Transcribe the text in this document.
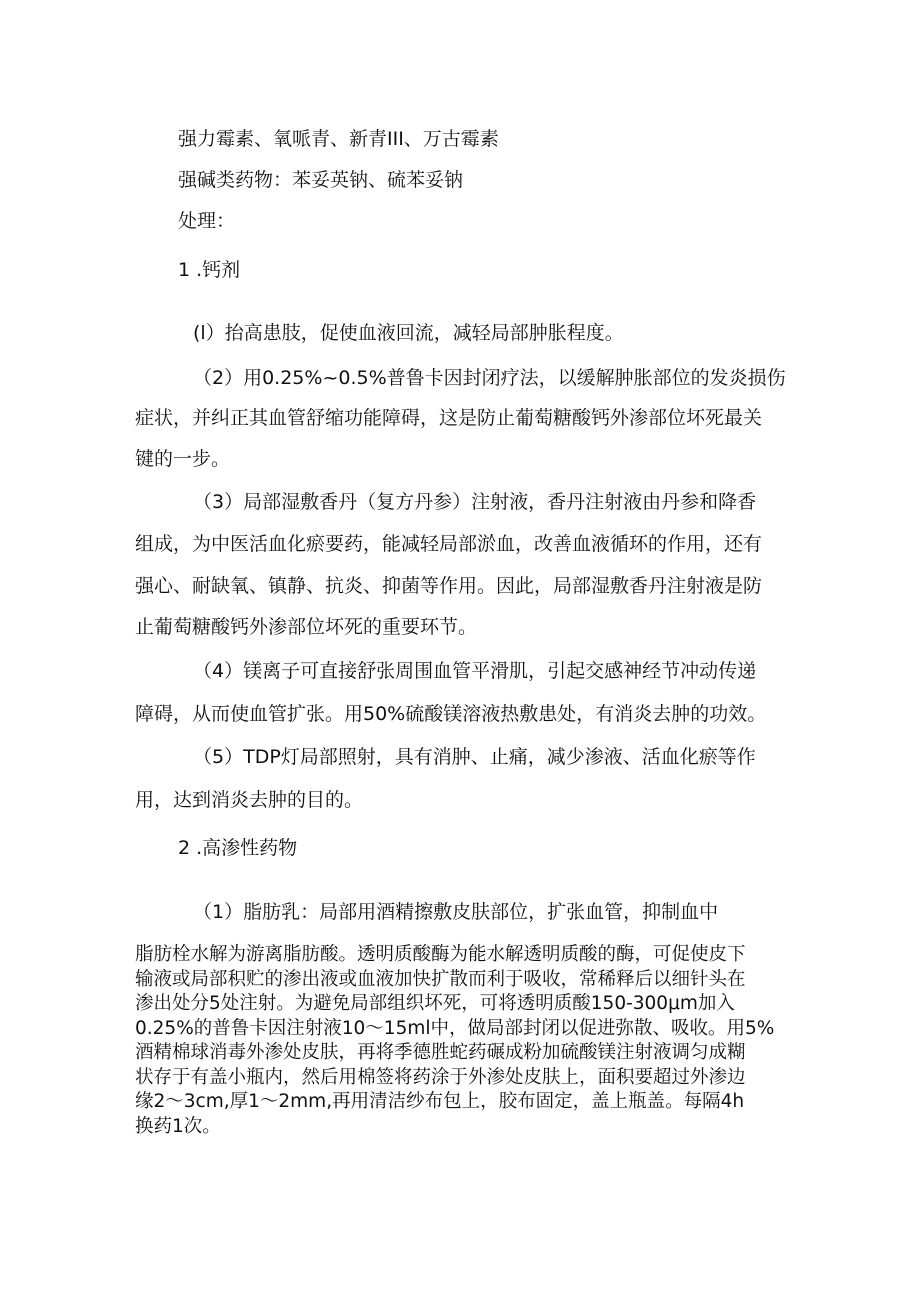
强力霉素、氧哌青、新青III、万古霉素
强碱类药物：苯妥英钠、硫苯妥钠
处理：
1 .钙剂
(l）抬高患肢，促使血液回流，减轻局部肿胀程度。
（2）用0.25%~0.5%普鲁卡因封闭疗法，以缓解肿胀部位的发炎损伤
症状，并纠正其血管舒缩功能障碍，这是防止葡萄糖酸钙外渗部位坏死最关
键的一步。
（3）局部湿敷香丹（复方丹参）注射液，香丹注射液由丹参和降香
组成，为中医活血化瘀要药，能减轻局部淤血，改善血液循环的作用，还有
强心、耐缺氧、镇静、抗炎、抑菌等作用。因此，局部湿敷香丹注射液是防
止葡萄糖酸钙外渗部位坏死的重要环节。
（4）镁离子可直接舒张周围血管平滑肌，引起交感神经节冲动传递
障碍，从而使血管扩张。用50%硫酸镁溶液热敷患处，有消炎去肿的功效。
（5）TDP灯局部照射，具有消肿、止痛，减少渗液、活血化瘀等作
用，达到消炎去肿的目的。
2 .高渗性药物
（1）脂肪乳：局部用酒精擦敷皮肤部位，扩张血管，抑制血中
脂肪栓水解为游离脂肪酸。透明质酸酶为能水解透明质酸的酶，可促使皮下
输液或局部积贮的渗出液或血液加快扩散而利于吸收，常稀释后以细针头在
渗出处分5处注射。为避免局部组织坏死，可将透明质酸150-300μm加入
0.25%的普鲁卡因注射液10～15ml中，做局部封闭以促进弥散、吸收。用5%
酒精棉球消毒外渗处皮肤，再将季德胜蛇药碾成粉加硫酸镁注射液调匀成糊
状存于有盖小瓶内，然后用棉签将药涂于外渗处皮肤上，面积要超过外渗边
缘2～3cm,厚1～2mm,再用清洁纱布包上，胶布固定，盖上瓶盖。每隔4h
换药1次。
